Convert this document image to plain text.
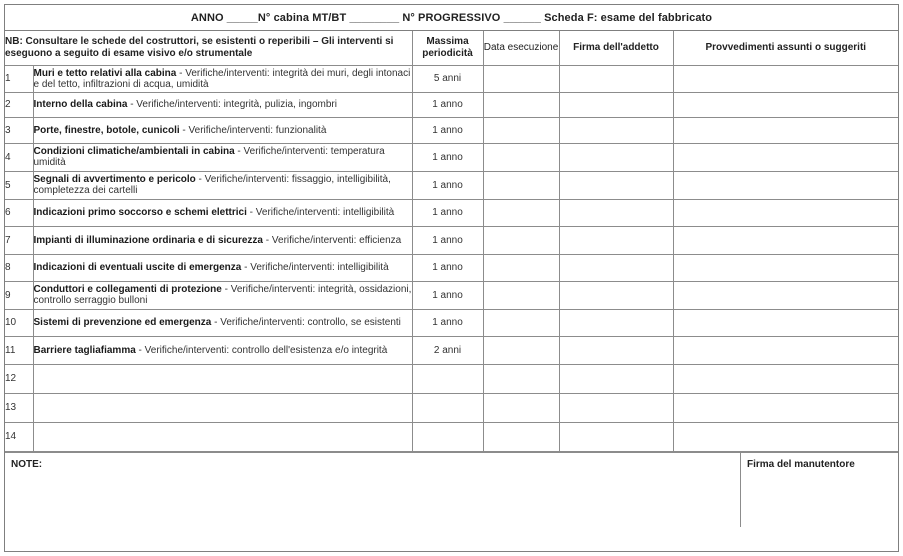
ANNO _____N° cabina MT/BT ________ N° PROGRESSIVO ______ Scheda F: esame del fabbricato
NB: Consultare le schede del costruttori, se esistenti o reperibili – Gli interventi si eseguono a seguito di esame visivo e/o strumentale		Massima periodicità	Data esecuzione	Firma dell'addetto	Provvedimenti assunti o suggeriti
1	Muri e tetto relativi alla cabina - Verifiche/interventi: integrità dei muri, degli intonaci e del tetto, infiltrazioni di acqua, umidità	5 anni			
2	Interno della cabina - Verifiche/interventi: integrità, pulizia, ingombri	1 anno			
3	Porte, finestre, botole, cunicoli - Verifiche/interventi: funzionalità	1 anno			
4	Condizioni climatiche/ambientali in cabina - Verifiche/interventi: temperatura umidità	1 anno			
5	Segnali di avvertimento e pericolo - Verifiche/interventi: fissaggio, intelligibilità, completezza dei cartelli	1 anno			
6	Indicazioni primo soccorso e schemi elettrici - Verifiche/interventi: intelligibilità	1 anno			
7	Impianti di illuminazione ordinaria e di sicurezza - Verifiche/interventi: efficienza	1 anno			
8	Indicazioni di eventuali uscite di emergenza - Verifiche/interventi: intelligibilità	1 anno			
9	Conduttori e collegamenti di protezione - Verifiche/interventi: integrità, ossidazioni, controllo serraggio bulloni	1 anno			
10	Sistemi di prevenzione ed emergenza - Verifiche/interventi: controllo, se esistenti	1 anno			
11	Barriere tagliafiamma - Verifiche/interventi: controllo dell'esistenza e/o integrità	2 anni			
12					
13					
14					
NOTE:	Firma del manutentore
